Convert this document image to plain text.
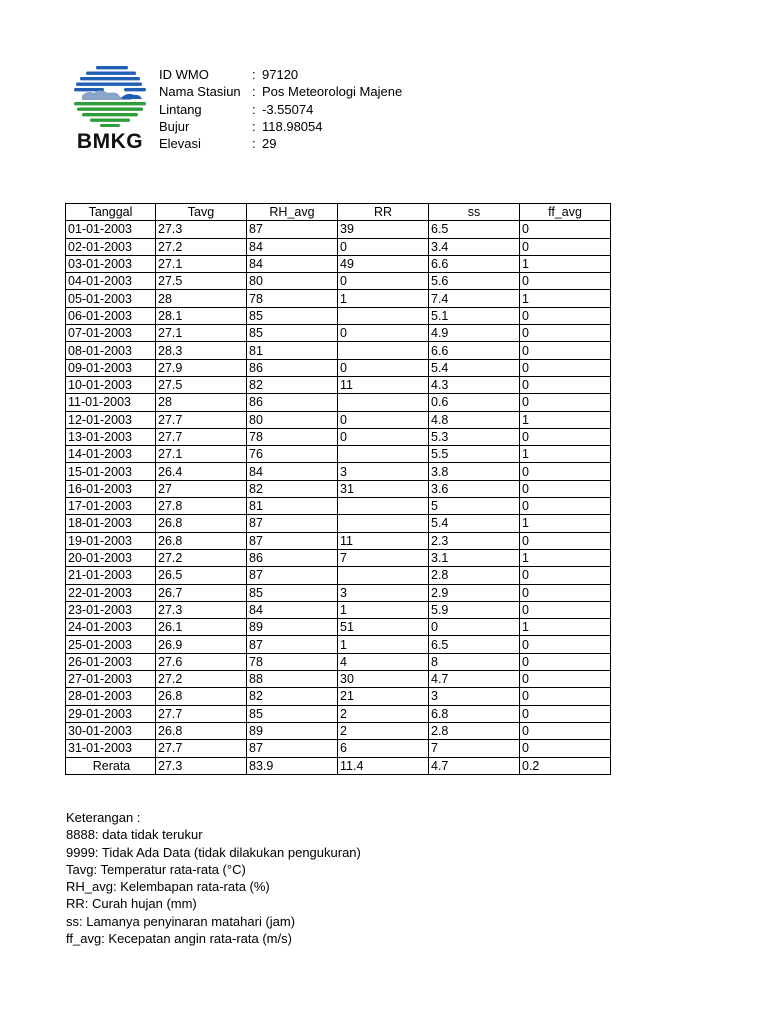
BMKG
ID WMO	: 97120
Nama Stasiun : Pos Meteorologi Majene
Lintang	: -3.55074
Bujur	: 118.98054
Elevasi	: 29
Tanggal	Tavg	RH_avg	RR	ss	ff_avg
01-01-2003	27.3	87	39	6.5	0
02-01-2003	27.2	84	0	3.4	0
03-01-2003	27.1	84	49	6.6	1
04-01-2003	27.5	80	0	5.6	0
05-01-2003	28	78	1	7.4	1
06-01-2003	28.1	85		5.1	0
07-01-2003	27.1	85	0	4.9	0
08-01-2003	28.3	81		6.6	0
09-01-2003	27.9	86	0	5.4	0
10-01-2003	27.5	82	11	4.3	0
11-01-2003	28	86		0.6	0
12-01-2003	27.7	80	0	4.8	1
13-01-2003	27.7	78	0	5.3	0
14-01-2003	27.1	76		5.5	1
15-01-2003	26.4	84	3	3.8	0
16-01-2003	27	82	31	3.6	0
17-01-2003	27.8	81		5	0
18-01-2003	26.8	87		5.4	1
19-01-2003	26.8	87	11	2.3	0
20-01-2003	27.2	86	7	3.1	1
21-01-2003	26.5	87		2.8	0
22-01-2003	26.7	85	3	2.9	0
23-01-2003	27.3	84	1	5.9	0
24-01-2003	26.1	89	51	0	1
25-01-2003	26.9	87	1	6.5	0
26-01-2003	27.6	78	4	8	0
27-01-2003	27.2	88	30	4.7	0
28-01-2003	26.8	82	21	3	0
29-01-2003	27.7	85	2	6.8	0
30-01-2003	26.8	89	2	2.8	0
31-01-2003	27.7	87	6	7	0
Rerata	27.3	83.9	11.4	4.7	0.2
Keterangan :
8888: data tidak terukur
9999: Tidak Ada Data (tidak dilakukan pengukuran)
Tavg: Temperatur rata-rata (°C)
RH_avg: Kelembapan rata-rata (%)
RR: Curah hujan (mm)
ss: Lamanya penyinaran matahari (jam)
ff_avg: Kecepatan angin rata-rata (m/s)
